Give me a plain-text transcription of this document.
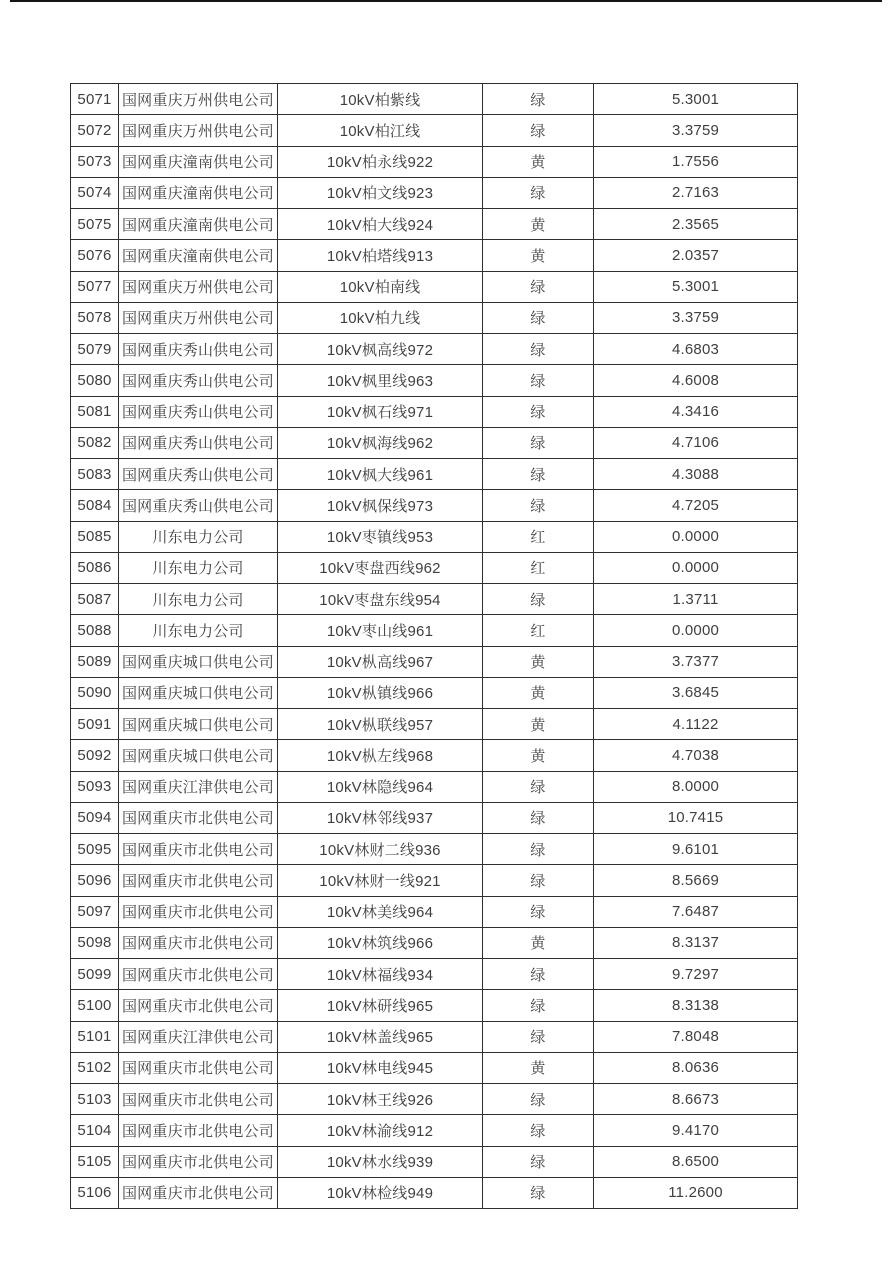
5071	国网重庆万州供电公司	10kV柏紫线	绿	5.3001
5072	国网重庆万州供电公司	10kV柏江线	绿	3.3759
5073	国网重庆潼南供电公司	10kV柏永线922	黄	1.7556
5074	国网重庆潼南供电公司	10kV柏文线923	绿	2.7163
5075	国网重庆潼南供电公司	10kV柏大线924	黄	2.3565
5076	国网重庆潼南供电公司	10kV柏塔线913	黄	2.0357
5077	国网重庆万州供电公司	10kV柏南线	绿	5.3001
5078	国网重庆万州供电公司	10kV柏九线	绿	3.3759
5079	国网重庆秀山供电公司	10kV枫高线972	绿	4.6803
5080	国网重庆秀山供电公司	10kV枫里线963	绿	4.6008
5081	国网重庆秀山供电公司	10kV枫石线971	绿	4.3416
5082	国网重庆秀山供电公司	10kV枫海线962	绿	4.7106
5083	国网重庆秀山供电公司	10kV枫大线961	绿	4.3088
5084	国网重庆秀山供电公司	10kV枫保线973	绿	4.7205
5085	川东电力公司	10kV枣镇线953	红	0.0000
5086	川东电力公司	10kV枣盘西线962	红	0.0000
5087	川东电力公司	10kV枣盘东线954	绿	1.3711
5088	川东电力公司	10kV枣山线961	红	0.0000
5089	国网重庆城口供电公司	10kV枞高线967	黄	3.7377
5090	国网重庆城口供电公司	10kV枞镇线966	黄	3.6845
5091	国网重庆城口供电公司	10kV枞联线957	黄	4.1122
5092	国网重庆城口供电公司	10kV枞左线968	黄	4.7038
5093	国网重庆江津供电公司	10kV林隐线964	绿	8.0000
5094	国网重庆市北供电公司	10kV林邻线937	绿	10.7415
5095	国网重庆市北供电公司	10kV林财二线936	绿	9.6101
5096	国网重庆市北供电公司	10kV林财一线921	绿	8.5669
5097	国网重庆市北供电公司	10kV林美线964	绿	7.6487
5098	国网重庆市北供电公司	10kV林筑线966	黄	8.3137
5099	国网重庆市北供电公司	10kV林福线934	绿	9.7297
5100	国网重庆市北供电公司	10kV林研线965	绿	8.3138
5101	国网重庆江津供电公司	10kV林盖线965	绿	7.8048
5102	国网重庆市北供电公司	10kV林电线945	黄	8.0636
5103	国网重庆市北供电公司	10kV林王线926	绿	8.6673
5104	国网重庆市北供电公司	10kV林渝线912	绿	9.4170
5105	国网重庆市北供电公司	10kV林水线939	绿	8.6500
5106	国网重庆市北供电公司	10kV林检线949	绿	11.2600
